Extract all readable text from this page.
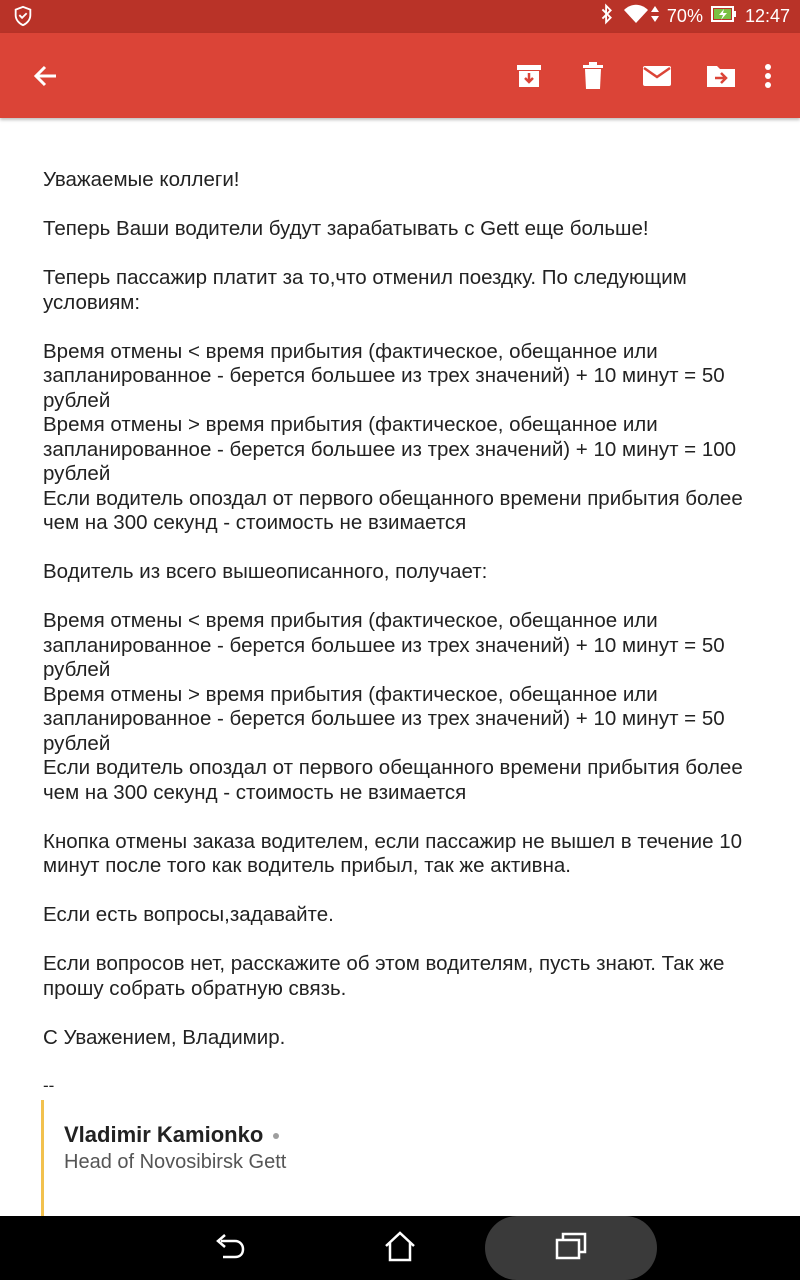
70% 12:47

Уважаемые коллеги!

Теперь Ваши водители будут зарабатывать с Gett еще больше!

Теперь пассажир платит за то,что отменил поездку. По следующим условиям:

Время отмены < время прибытия (фактическое, обещанное или запланированное - берется большее из трех значений) + 10 минут = 50 рублей
Время отмены > время прибытия (фактическое, обещанное или запланированное - берется большее из трех значений) + 10 минут = 100 рублей
Если водитель опоздал от первого обещанного времени прибытия более чем на 300 секунд - стоимость не взимается

Водитель из всего вышеописанного, получает:

Время отмены < время прибытия (фактическое, обещанное или запланированное - берется большее из трех значений) + 10 минут = 50 рублей
Время отмены > время прибытия (фактическое, обещанное или запланированное - берется большее из трех значений) + 10 минут = 50 рублей
Если водитель опоздал от первого обещанного времени прибытия более чем на 300 секунд - стоимость не взимается

Кнопка отмены заказа водителем, если пассажир не вышел в течение 10 минут после того как водитель прибыл, так же активна.

Если есть вопросы,задавайте.

Если вопросов нет, расскажите об этом водителям, пусть знают. Так же прошу собрать обратную связь.

С Уважением, Владимир.

--
Vladimir Kamionko
Head of Novosibirsk Gett
